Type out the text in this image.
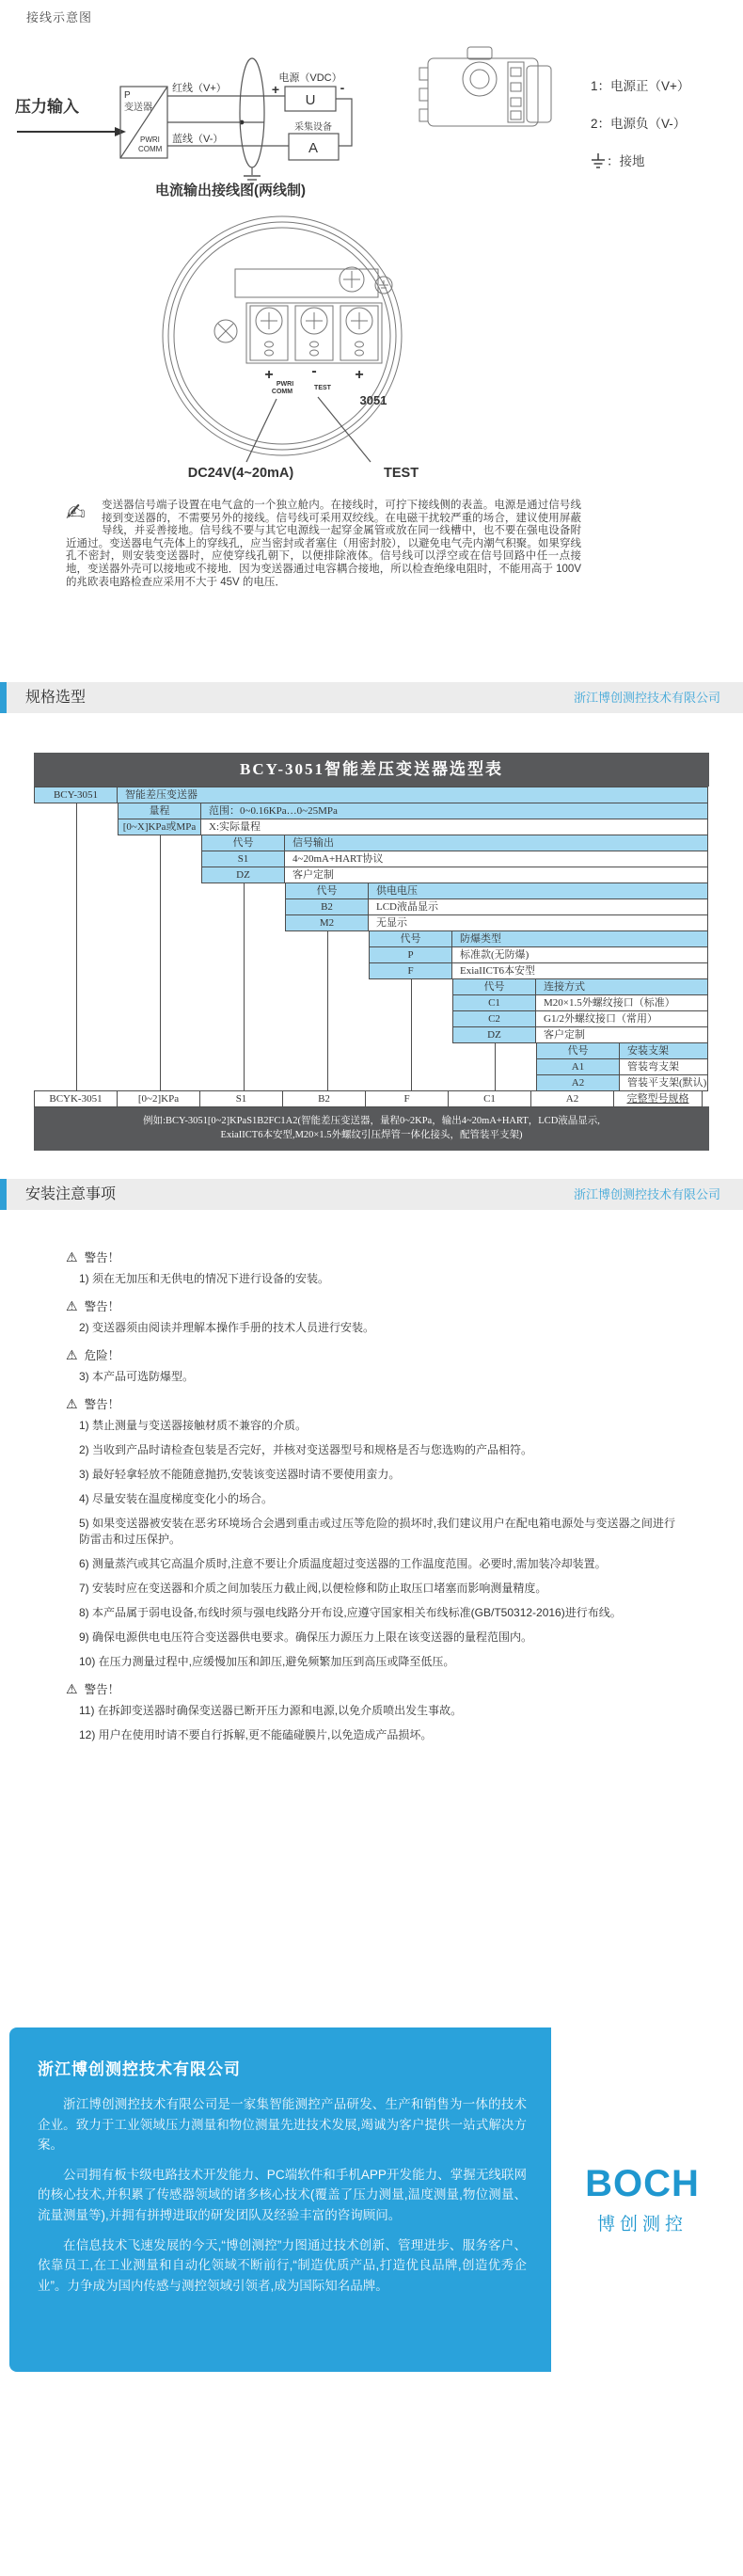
接线示意图
压力输入
P
变送器
PWRI
COMM
红线（V+）
蓝线（V-）
电源（VDC）
U
+	-
采集设备
A
电流输出接线图(两线制)
1：电源正（V+）
2：电源负（V-）
：接地
+	-	+
PWRI
COMM
TEST
3051
DC24V(4~20mA)	TEST
✍	变送器信号端子设置在电气盒的一个独立舱内。在接线时，可拧下接线侧的表盖。电源是通过信号线接到变送器的，不需要另外的接线。信号线可采用双绞线。在电磁干扰较严重的场合，建议使用屏蔽导线，并妥善接地。信号线不要与其它电源线一起穿金属管或放在同一线槽中，也不要在强电设备附近通过。变送器电气壳体上的穿线孔，应当密封或者塞住（用密封胶），以避免电气壳内潮气积聚。如果穿线孔不密封，则安装变送器时，应使穿线孔朝下，以便排除液体。信号线可以浮空或在信号回路中任一点接地，变送器外壳可以接地或不接地．因为变送器通过电容耦合接地，所以检查绝缘电阻时，不能用高于 100V 的兆欧表电路检查应采用不大于 45V 的电压．
规格选型	浙江博创测控技术有限公司
BCY-3051智能差压变送器选型表
BCY-3051	智能差压变送器
量程	范围：0~0.16KPa…0~25MPa
[0~X]KPa或MPa	X:实际量程
代号	信号输出
S1	4~20mA+HART协议
DZ	客户定制
代号	供电电压
B2	LCD液晶显示
M2	无显示
代号	防爆类型
P	标准款(无防爆)
F	ExiaIICT6本安型
代号	连接方式
C1	M20×1.5外螺纹接口（标准）
C2	G1/2外螺纹接口（常用）
DZ	客户定制
代号	安装支架
A1	管装弯支架
A2	管装平支架(默认)
BCYK-3051	[0~2]KPa	S1	B2	F	C1	A2	完整型号规格
例如:BCY-3051[0~2]KPaS1B2FC1A2(智能差压变送器，量程0~2KPa，输出4~20mA+HART，LCD液晶显示,
ExiaIICT6本安型,M20×1.5外螺纹引压焊管一体化接头，配管装平支架)
安装注意事项	浙江博创测控技术有限公司
⚠ 警告！
1) 须在无加压和无供电的情况下进行设备的安装。
⚠ 警告！
2) 变送器须由阅读并理解本操作手册的技术人员进行安装。
⚠ 危险！
3) 本产品可选防爆型。
⚠ 警告！
1) 禁止测量与变送器接触材质不兼容的介质。
2) 当收到产品时请检查包装是否完好，并核对变送器型号和规格是否与您选购的产品相符。
3) 最好轻拿轻放不能随意抛扔,安装该变送器时请不要使用蛮力。
4) 尽量安装在温度梯度变化小的场合。
5) 如果变送器被安装在恶劣环境场合会遇到重击或过压等危险的损坏时,我们建议用户在配电箱电源处与变送器之间进行防雷击和过压保护。
6) 测量蒸汽或其它高温介质时,注意不要让介质温度超过变送器的工作温度范围。必要时,需加装冷却装置。
7) 安装时应在变送器和介质之间加装压力截止阀,以便检修和防止取压口堵塞而影响测量精度。
8) 本产品属于弱电设备,布线时须与强电线路分开布设,应遵守国家相关布线标准(GB/T50312-2016)进行布线。
9) 确保电源供电电压符合变送器供电要求。确保压力源压力上限在该变送器的量程范围内。
10) 在压力测量过程中,应缓慢加压和卸压,避免频繁加压到高压或降至低压。
⚠ 警告！
11) 在拆卸变送器时确保变送器已断开压力源和电源,以免介质喷出发生事故。
12) 用户在使用时请不要自行拆解,更不能磕碰膜片,以免造成产品损坏。
浙江博创测控技术有限公司

浙江博创测控技术有限公司是一家集智能测控产品研发、生产和销售为一体的技术企业。致力于工业领域压力测量和物位测量先进技术发展,竭诚为客户提供一站式解决方案。

公司拥有板卡级电路技术开发能力、PC端软件和手机APP开发能力、掌握无线联网的核心技术,并积累了传感器领域的诸多核心技术(覆盖了压力测量,温度测量,物位测量、流量测量等),并拥有拼搏进取的研发团队及经验丰富的咨询顾问。

在信息技术飞速发展的今天,“博创测控”力图通过技术创新、管理进步、服务客户、依靠员工,在工业测量和自动化领域不断前行,“制造优质产品,打造优良品牌,创造优秀企业”。力争成为国内传感与测控领域引领者,成为国际知名品牌。

BOCH
博创测控
